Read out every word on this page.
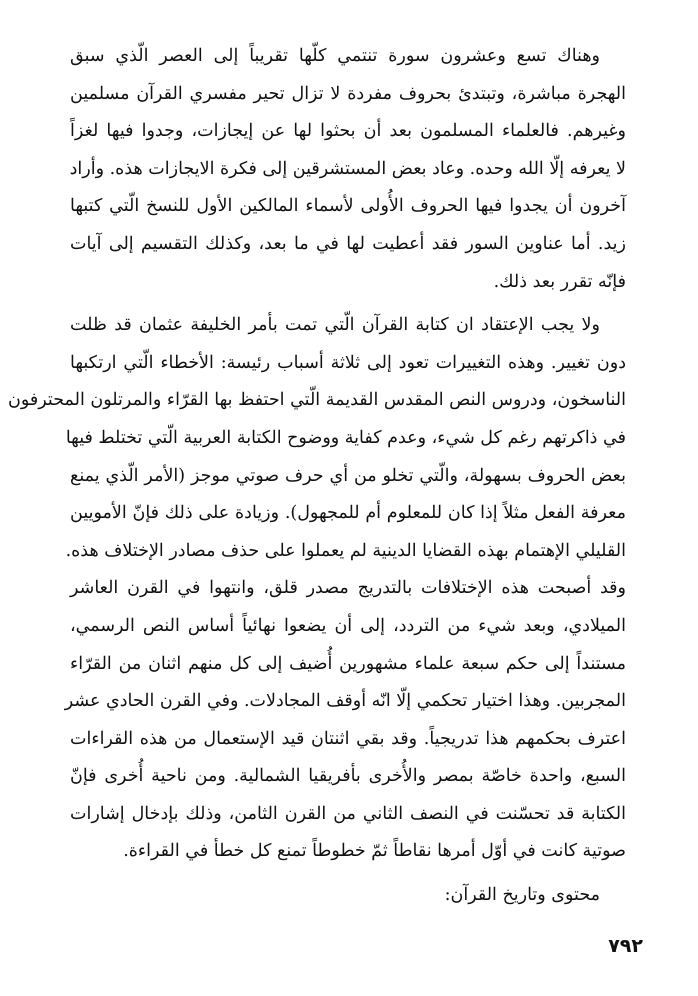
وهناك تسع وعشرون سورة تنتمي كلّها تقريباً إلى العصر الّذي سبق
الهجرة مباشرة، وتبتدئ بحروف مفردة لا تزال تحير مفسري القرآن مسلمين
وغيرهم. فالعلماء المسلمون بعد أن بحثوا لها عن إيجازات، وجدوا فيها لغزاً
لا يعرفه إلّا الله وحده. وعاد بعض المستشرقين إلى فكرة الايجازات هذه. وأراد
آخرون أن يجدوا فيها الحروف الأُولى لأسماء المالكين الأول للنسخ الّتي كتبها
زيد. أما عناوين السور فقد أعطيت لها في ما بعد، وكذلك التقسيم إلى آيات
فإنّه تقرر بعد ذلك.
ولا يجب الإعتقاد ان كتابة القرآن الّتي تمت بأمر الخليفة عثمان قد ظلت
دون تغيير. وهذه التغييرات تعود إلى ثلاثة أسباب رئيسة: الأخطاء الّتي ارتكبها
الناسخون، ودروس النص المقدس القديمة الّتي احتفظ بها القرّاء والمرتلون المحترفون
في ذاكرتهم رغم كل شيء، وعدم كفاية ووضوح الكتابة العربية الّتي تختلط فيها
بعض الحروف بسهولة، والّتي تخلو من أي حرف صوتي موجز (الأمر الّذي يمنع
معرفة الفعل مثلاً إذا كان للمعلوم أم للمجهول). وزيادة على ذلك فإنّ الأمويين
القليلي الإهتمام بهذه القضايا الدينية لم يعملوا على حذف مصادر الإختلاف هذه.
وقد أصبحت هذه الإختلافات بالتدريج مصدر قلق، وانتهوا في القرن العاشر
الميلادي، وبعد شيء من التردد، إلى أن يضعوا نهائياً أساس النص الرسمي،
مستنداً إلى حكم سبعة علماء مشهورين أُضيف إلى كل منهم اثنان من القرّاء
المجربين. وهذا اختيار تحكمي إلّا انّه أوقف المجادلات. وفي القرن الحادي عشر
اعترف بحكمهم هذا تدريجياً. وقد بقي اثنتان قيد الإستعمال من هذه القراءات
السبع، واحدة خاصّة بمصر والأُخرى بأفريقيا الشمالية. ومن ناحية أُخرى فإنّ
الكتابة قد تحسّنت في النصف الثاني من القرن الثامن، وذلك بإدخال إشارات
صوتية كانت في أوّل أمرها نقاطاً ثمّ خطوطاً تمنع كل خطأ في القراءة.
محتوى وتاريخ القرآن:
٧٩٢
